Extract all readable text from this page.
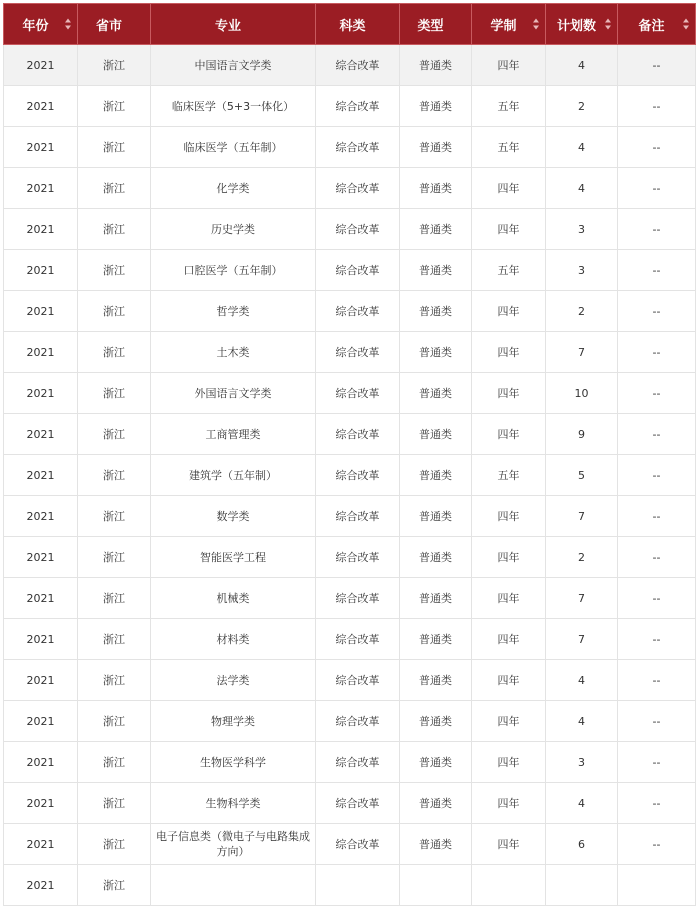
年份	省市	专业	科类	类型	学制	计划数	备注

2021	浙江	中国语言文学类	综合改革	普通类	四年	4	--
2021	浙江	临床医学（5+3一体化）	综合改革	普通类	五年	2	--
2021	浙江	临床医学（五年制）	综合改革	普通类	五年	4	--
2021	浙江	化学类	综合改革	普通类	四年	4	--
2021	浙江	历史学类	综合改革	普通类	四年	3	--
2021	浙江	口腔医学（五年制）	综合改革	普通类	五年	3	--
2021	浙江	哲学类	综合改革	普通类	四年	2	--
2021	浙江	土木类	综合改革	普通类	四年	7	--
2021	浙江	外国语言文学类	综合改革	普通类	四年	10	--
2021	浙江	工商管理类	综合改革	普通类	四年	9	--
2021	浙江	建筑学（五年制）	综合改革	普通类	五年	5	--
2021	浙江	数学类	综合改革	普通类	四年	7	--
2021	浙江	智能医学工程	综合改革	普通类	四年	2	--
2021	浙江	机械类	综合改革	普通类	四年	7	--
2021	浙江	材料类	综合改革	普通类	四年	7	--
2021	浙江	法学类	综合改革	普通类	四年	4	--
2021	浙江	物理学类	综合改革	普通类	四年	4	--
2021	浙江	生物医学科学	综合改革	普通类	四年	3	--
2021	浙江	生物科学类	综合改革	普通类	四年	4	--
2021	浙江	电子信息类（微电子与电路集成方向）	综合改革	普通类	四年	6	--
2021	浙江						
